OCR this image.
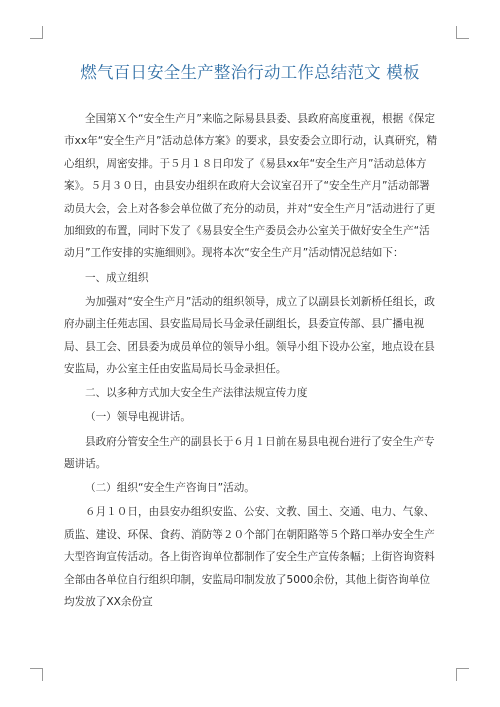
燃气百日安全生产整治行动工作总结范文 模板

全国第Ｘ个“安全生产月”来临之际易县县委、县政府高度重视，根据《保定市xx年“安全生产月”活动总体方案》的要求，县安委会立即行动，认真研究，精心组织，周密安排。于５月１８日印发了《易县xx年“安全生产月”活动总体方案》。５月３０日，由县安办组织在政府大会议室召开了“安全生产月”活动部署动员大会，会上对各参会单位做了充分的动员，并对“安全生产月”活动进行了更加细致的布置，同时下发了《易县安全生产委员会办公室关于做好安全生产“活动月”工作安排的实施细则》。现将本次“安全生产月”活动情况总结如下：

一、成立组织

为加强对“安全生产月”活动的组织领导，成立了以副县长刘新桥任组长，政府办副主任苑志国、县安监局局长马金录任副组长，县委宣传部、县广播电视局、县工会、团县委为成员单位的领导小组。领导小组下设办公室，地点设在县安监局，办公室主任由安监局局长马金录担任。

二、以多种方式加大安全生产法律法规宣传力度

（一）领导电视讲话。

县政府分管安全生产的副县长于６月１日前在易县电视台进行了安全生产专题讲话。

（二）组织“安全生产咨询日”活动。

６月１０日，由县安办组织安监、公安、文教、国土、交通、电力、气象、质监、建设、环保、食药、消防等２０个部门在朝阳路等５个路口举办安全生产大型咨询宣传活动。各上街咨询单位都制作了安全生产宣传条幅；上街咨询资料全部由各单位自行组织印制，安监局印制发放了5000余份，其他上街咨询单位均发放了XX余份宣
